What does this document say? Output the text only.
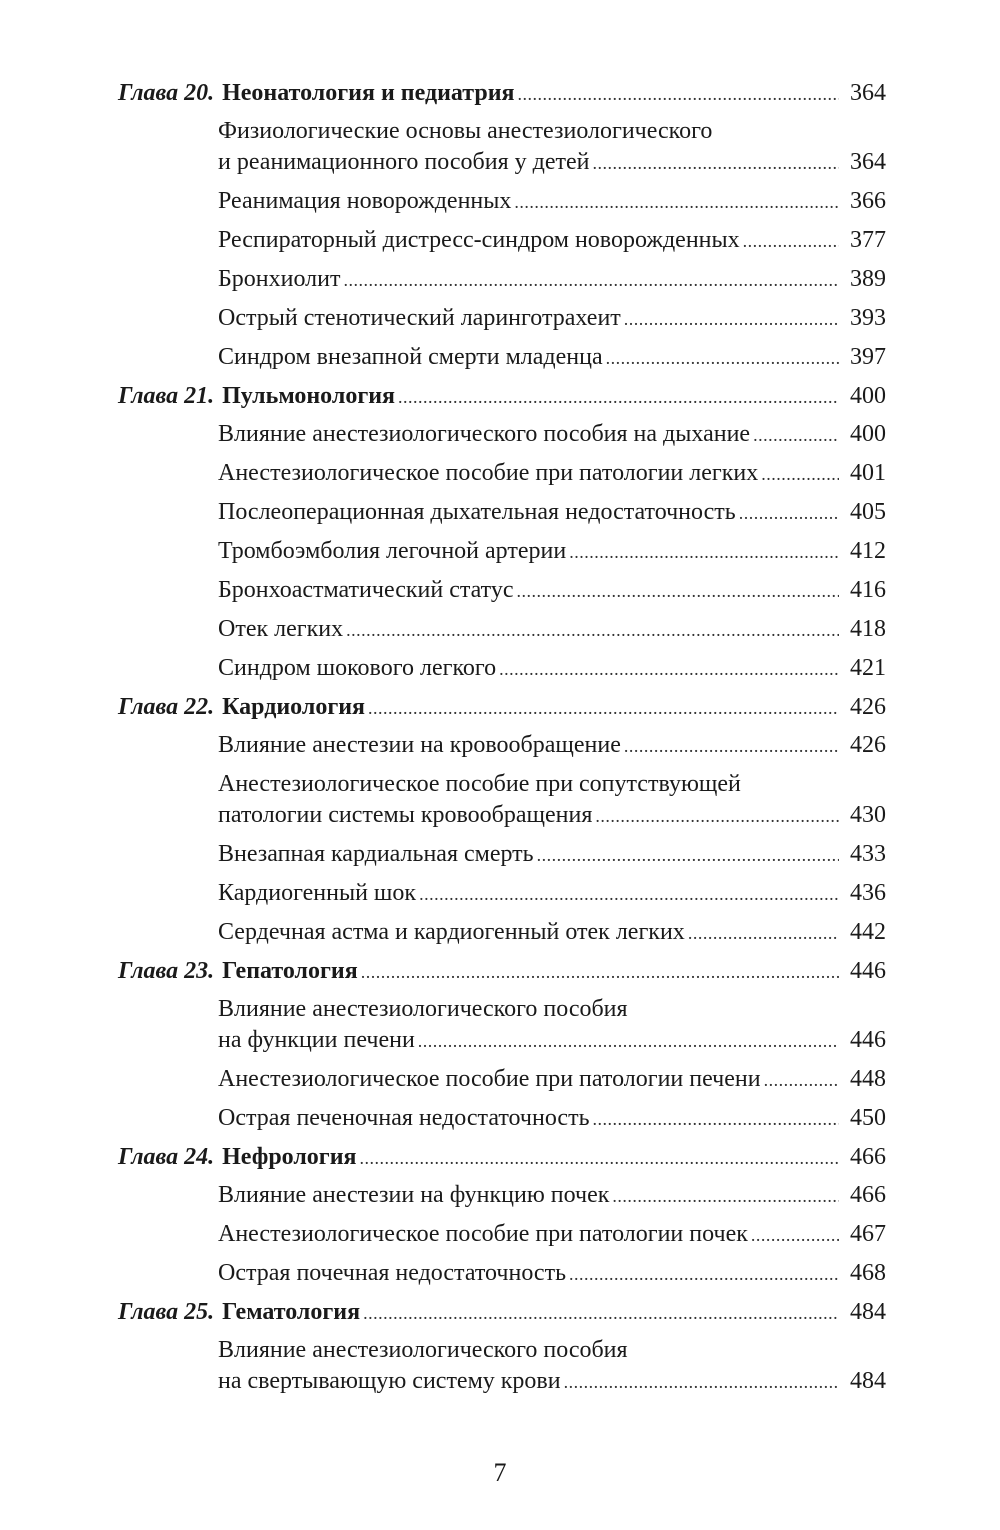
Глава 20. Неонатология и педиатрия . . .	364
Физиологические основы анестезиологического
и реанимационного пособия у детей . . .	364
Реанимация новорожденных . . .	366
Респираторный дистресс-синдром новорожденных . . .	377
Бронхиолит . . .	389
Острый стенотический ларинготрахеит . . .	393
Синдром внезапной смерти младенца . . .	397
Глава 21. Пульмонология . . .	400
Влияние анестезиологического пособия на дыхание . . .	400
Анестезиологическое пособие при патологии легких . . .	401
Послеоперационная дыхательная недостаточность . . .	405
Тромбоэмболия легочной артерии . . .	412
Бронхоастматический статус . . .	416
Отек легких . . .	418
Синдром шокового легкого . . .	421
Глава 22. Кардиология . . .	426
Влияние анестезии на кровообращение . . .	426
Анестезиологическое пособие при сопутствующей
патологии системы кровообращения . . .	430
Внезапная кардиальная смерть . . .	433
Кардиогенный шок . . .	436
Сердечная астма и кардиогенный отек легких . . .	442
Глава 23. Гепатология . . .	446
Влияние анестезиологического пособия
на функции печени . . .	446
Анестезиологическое пособие при патологии печени . . .	448
Острая печеночная недостаточность . . .	450
Глава 24. Нефрология . . .	466
Влияние анестезии на функцию почек . . .	466
Анестезиологическое пособие при патологии почек . . .	467
Острая почечная недостаточность . . .	468
Глава 25. Гематология . . .	484
Влияние анестезиологического пособия
на свертывающую систему крови . . .	484
7
